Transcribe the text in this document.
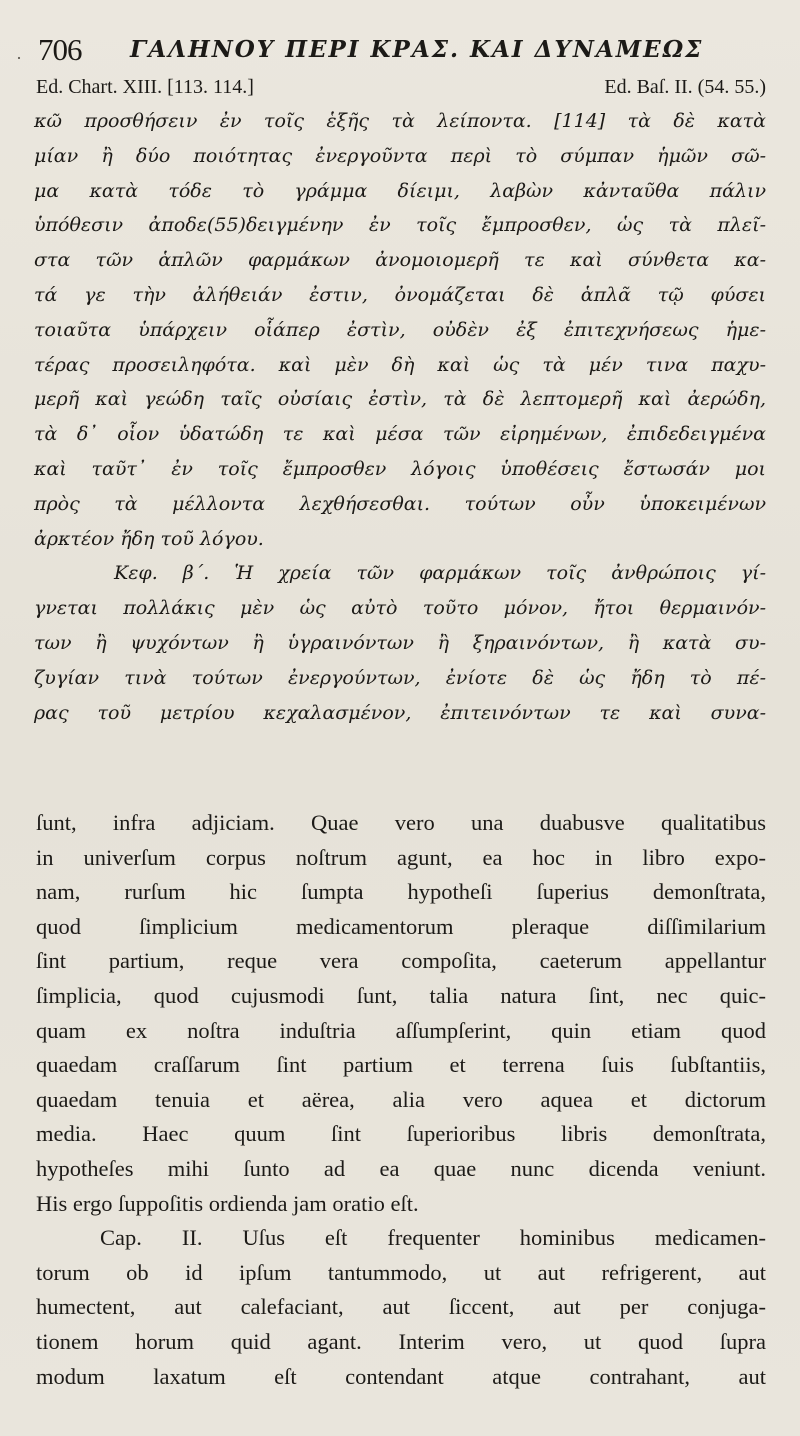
· 706 ΓΑΛΗΝΟΥ ΠΕΡΙ ΚΡΑΣ. ΚΑΙ ΔΥΝΑΜΕΩΣ
Ed. Chart. XIII. [113. 114.]	Ed. Baſ. II. (54. 55.)
κῶ προσθήσειν ἐν τοῖς ἑξῆς τὰ λείποντα. [114] τὰ δὲ κατὰ
μίαν ἢ δύο ποιότητας ἐνεργοῦντα περὶ τὸ σύμπαν ἡμῶν σῶ-
μα κατὰ τόδε τὸ γράμμα δίειμι, λαβὼν κἀνταῦθα πάλιν
ὑπόθεσιν ἀποδε(55)δειγμένην ἐν τοῖς ἔμπροσθεν, ὡς τὰ πλεῖ-
στα τῶν ἁπλῶν φαρμάκων ἀνομοιομερῆ τε καὶ σύνθετα κα-
τά γε τὴν ἀλήθειάν ἐστιν, ὀνομάζεται δὲ ἁπλᾶ τῷ φύσει
τοιαῦτα ὑπάρχειν οἷάπερ ἐστὶν, οὐδὲν ἐξ ἐπιτεχνήσεως ἡμε-
τέρας προσειληφότα. καὶ μὲν δὴ καὶ ὡς τὰ μέν τινα παχυ-
μερῆ καὶ γεώδη ταῖς οὐσίαις ἐστὶν, τὰ δὲ λεπτομερῆ καὶ ἀερώδη,
τὰ δ᾽ οἷον ὑδατώδη τε καὶ μέσα τῶν εἰρημένων, ἐπιδεδειγμένα
καὶ ταῦτ᾽ ἐν τοῖς ἔμπροσθεν λόγοις ὑποθέσεις ἔστωσάν μοι
πρὸς τὰ μέλλοντα λεχθήσεσθαι. τούτων οὖν ὑποκειμένων
ἀρκτέον ἤδη τοῦ λόγου.
Κεφ. β΄. Ἡ χρεία τῶν φαρμάκων τοῖς ἀνθρώποις γί-
γνεται πολλάκις μὲν ὡς αὐτὸ τοῦτο μόνον, ἤτοι θερμαινόν-
των ἢ ψυχόντων ἢ ὑγραινόντων ἢ ξηραινόντων, ἢ κατὰ συ-
ζυγίαν τινὰ τούτων ἐνεργούντων, ἐνίοτε δὲ ὡς ἤδη τὸ πέ-
ρας τοῦ μετρίου κεχαλασμένον, ἐπιτεινόντων τε καὶ συνα-
ſunt, infra adjiciam. Quae vero una duabusve qualitatibus
in univerſum corpus noſtrum agunt, ea hoc in libro expo-
nam, rurſum hic ſumpta hypotheſi ſuperius demonſtrata,
quod ſimplicium medicamentorum pleraque diſſimilarium
ſint partium, reque vera compoſita, caeterum appellantur
ſimplicia, quod cujusmodi ſunt, talia natura ſint, nec quic-
quam ex noſtra induſtria aſſumpſerint, quin etiam quod
quaedam craſſarum ſint partium et terrena ſuis ſubſtantiis,
quaedam tenuia et aërea, alia vero aquea et dictorum
media. Haec quum ſint ſuperioribus libris demonſtrata,
hypotheſes mihi ſunto ad ea quae nunc dicenda veniunt.
His ergo ſuppoſitis ordienda jam oratio eſt.
Cap. II. Uſus eſt frequenter hominibus medicamen-
torum ob id ipſum tantummodo, ut aut refrigerent, aut
humectent, aut calefaciant, aut ſiccent, aut per conjuga-
tionem horum quid agant. Interim vero, ut quod ſupra
modum laxatum eſt contendant atque contrahant, aut
